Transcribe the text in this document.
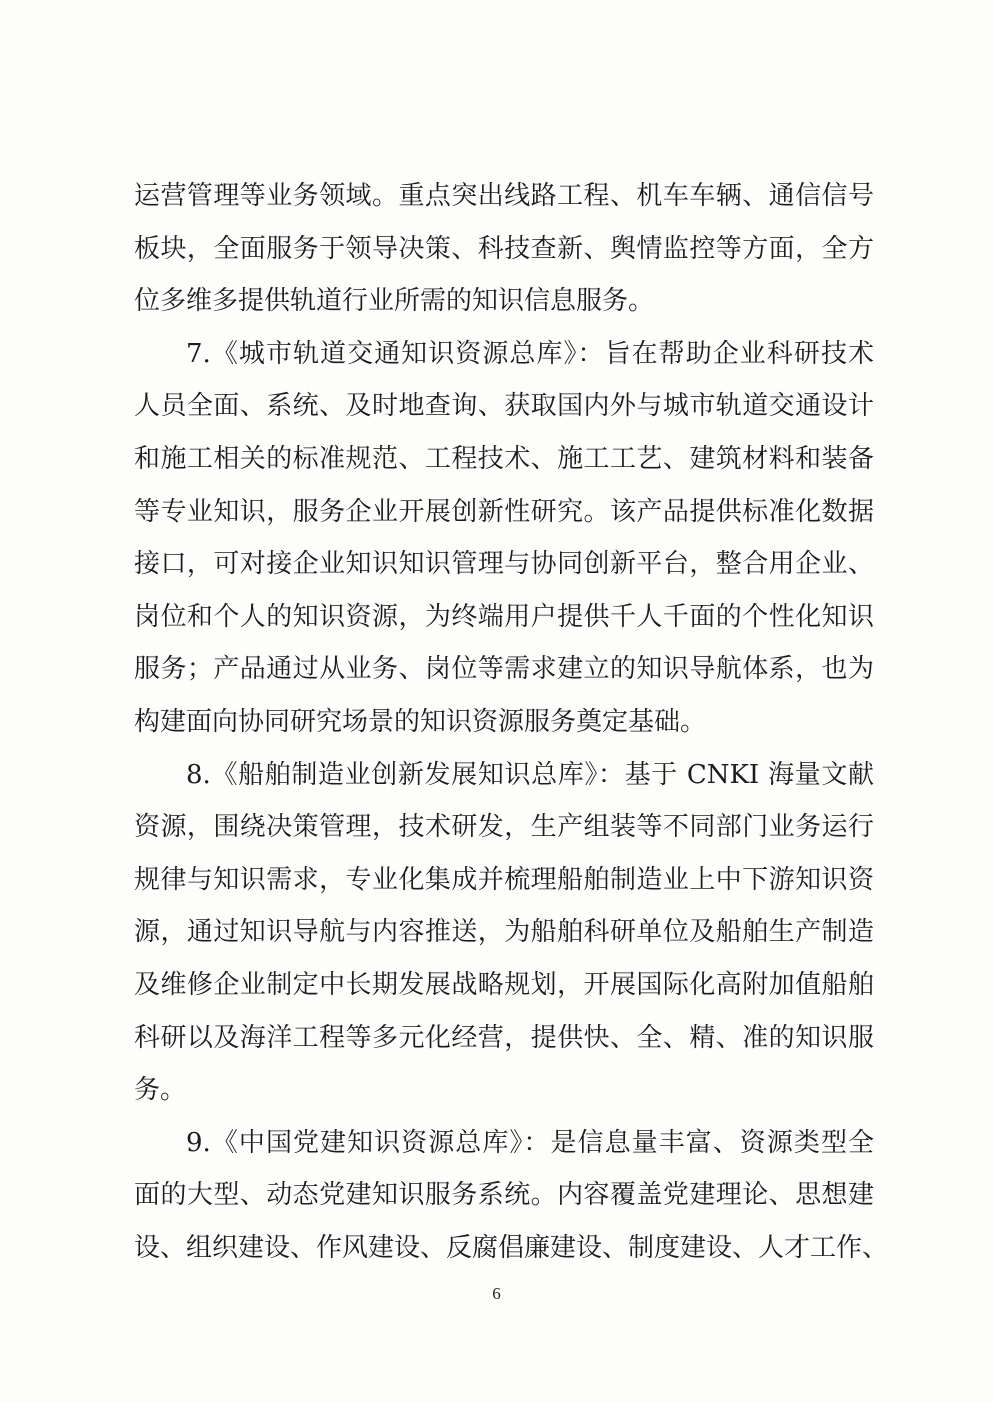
运营管理等业务领域。重点突出线路工程、机车车辆、通信信号
板块，全面服务于领导决策、科技查新、舆情监控等方面，全方
位多维多提供轨道行业所需的知识信息服务。
7.《城市轨道交通知识资源总库》：旨在帮助企业科研技术
人员全面、系统、及时地查询、获取国内外与城市轨道交通设计
和施工相关的标准规范、工程技术、施工工艺、建筑材料和装备
等专业知识，服务企业开展创新性研究。该产品提供标准化数据
接口，可对接企业知识知识管理与协同创新平台，整合用企业、
岗位和个人的知识资源，为终端用户提供千人千面的个性化知识
服务；产品通过从业务、岗位等需求建立的知识导航体系，也为
构建面向协同研究场景的知识资源服务奠定基础。
8.《船舶制造业创新发展知识总库》：基于 CNKI 海量文献
资源，围绕决策管理，技术研发，生产组装等不同部门业务运行
规律与知识需求，专业化集成并梳理船舶制造业上中下游知识资
源，通过知识导航与内容推送，为船舶科研单位及船舶生产制造
及维修企业制定中长期发展战略规划，开展国际化高附加值船舶
科研以及海洋工程等多元化经营，提供快、全、精、准的知识服
务。
9.《中国党建知识资源总库》：是信息量丰富、资源类型全
面的大型、动态党建知识服务系统。内容覆盖党建理论、思想建
设、组织建设、作风建设、反腐倡廉建设、制度建设、人才工作、
6
